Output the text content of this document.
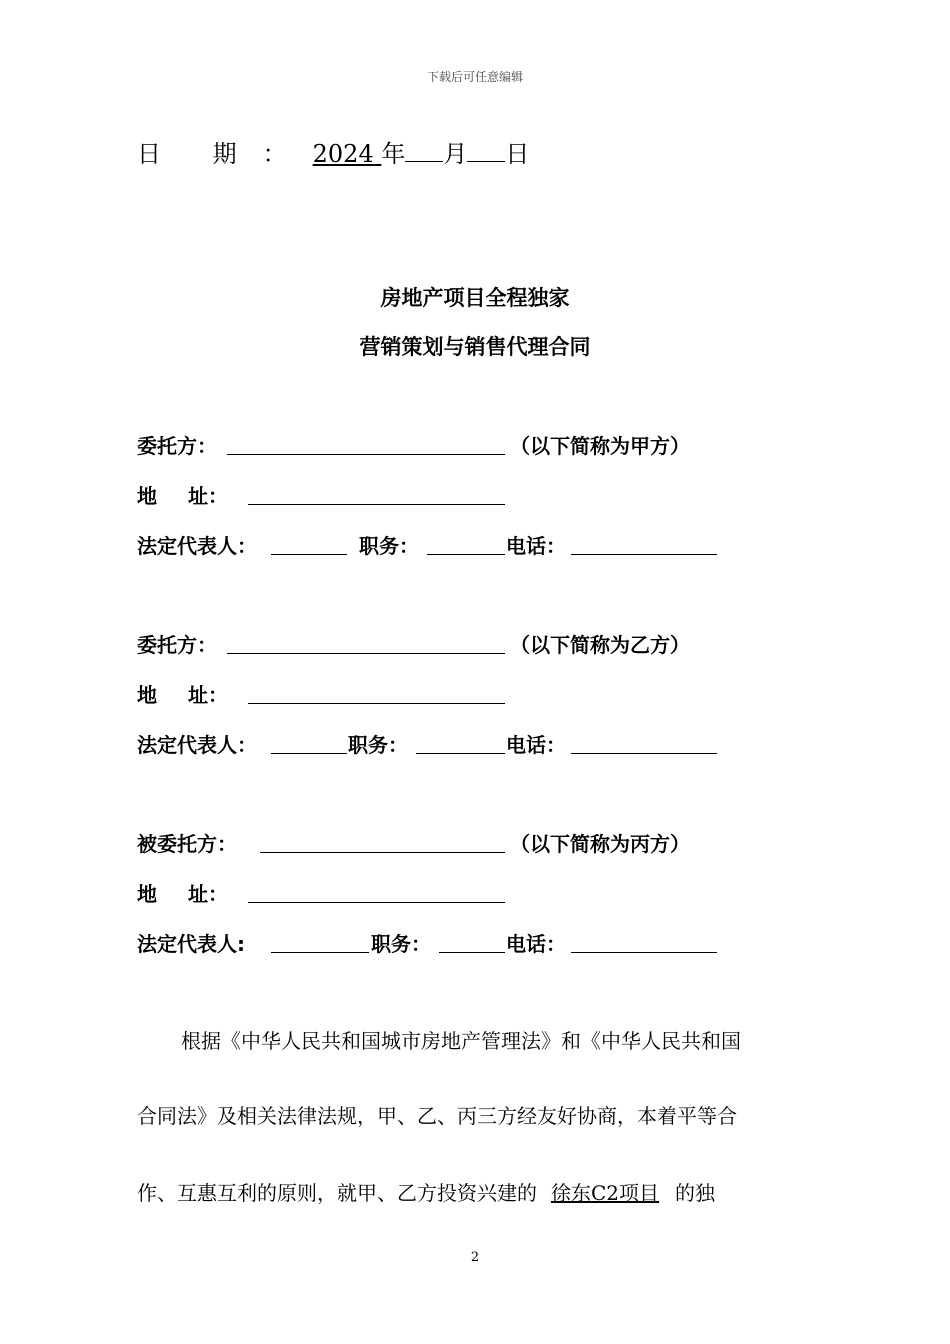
下载后可任意编辑
日 期 ： 2024 年 月 日
房地产项目全程独家
营销策划与销售代理合同
委托方：	（以下简称为甲方）
地 址：
法定代表人：	职务：	电话：
委托方：	（以下简称为乙方）
地 址：
法定代表人：	职务：	电话：
被委托方：	（以下简称为丙方）
地 址：
法定代表人:	职务：	电话：
根据《中华人民共和国城市房地产管理法》和《中华人民共和国
合同法》及相关法律法规，甲、乙、丙三方经友好协商，本着平等合
作、互惠互利的原则，就甲、乙方投资兴建的 徐东C2项目 的独
2
